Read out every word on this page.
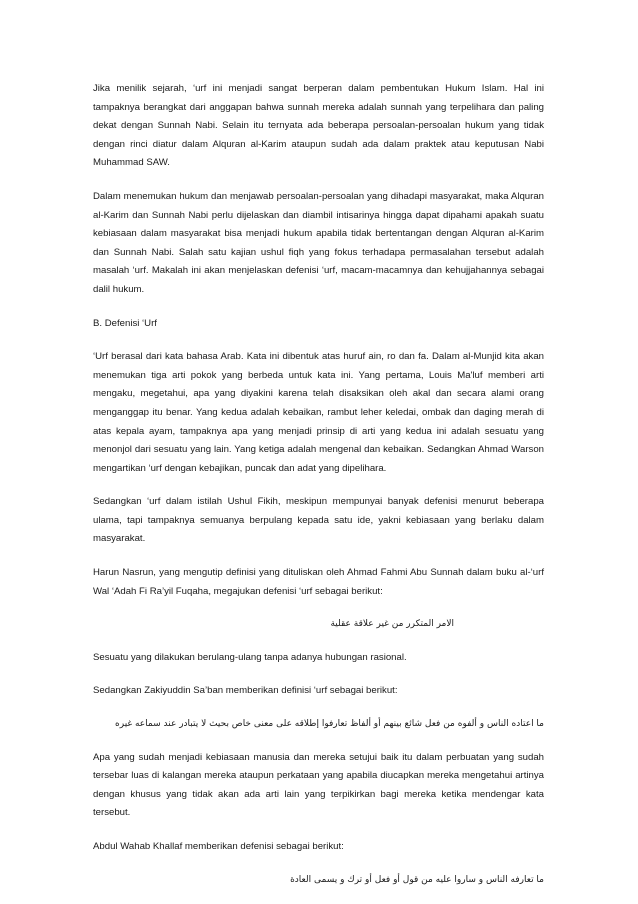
Jika menilik sejarah, ‘urf ini menjadi sangat berperan dalam pembentukan Hukum Islam. Hal ini tampaknya berangkat dari anggapan bahwa sunnah mereka adalah sunnah yang terpelihara dan paling dekat dengan Sunnah Nabi. Selain itu ternyata ada beberapa persoalan-persoalan hukum yang tidak dengan rinci diatur dalam Alquran al-Karim ataupun sudah ada dalam praktek atau keputusan Nabi Muhammad SAW.

Dalam menemukan hukum dan menjawab persoalan-persoalan yang dihadapi masyarakat, maka Alquran al-Karim dan Sunnah Nabi perlu dijelaskan dan diambil intisarinya hingga dapat dipahami apakah suatu kebiasaan dalam masyarakat bisa menjadi hukum apabila tidak bertentangan dengan Alquran al-Karim dan Sunnah Nabi. Salah satu kajian ushul fiqh yang fokus terhadapa permasalahan tersebut adalah masalah ‘urf. Makalah ini akan menjelaskan defenisi ‘urf, macam-macamnya dan kehujjahannya sebagai dalil hukum.

B. Defenisi ‘Urf

‘Urf berasal dari kata bahasa Arab. Kata ini dibentuk atas huruf ain, ro dan fa. Dalam al-Munjid kita akan menemukan tiga arti pokok yang berbeda untuk kata ini. Yang pertama, Louis Ma'luf memberi arti mengaku, megetahui, apa yang diyakini karena telah disaksikan oleh akal dan secara alami orang menganggap itu benar. Yang kedua adalah kebaikan, rambut leher keledai, ombak dan daging merah di atas kepala ayam, tampaknya apa yang menjadi prinsip di arti yang kedua ini adalah sesuatu yang menonjol dari sesuatu yang lain. Yang ketiga adalah mengenal dan kebaikan. Sedangkan Ahmad Warson mengartikan ‘urf dengan kebajikan, puncak dan adat yang dipelihara.

Sedangkan ‘urf dalam istilah Ushul Fikih, meskipun mempunyai banyak defenisi menurut beberapa ulama, tapi tampaknya semuanya berpulang kepada satu ide, yakni kebiasaan yang berlaku dalam masyarakat.

Harun Nasrun, yang mengutip definisi yang dituliskan oleh Ahmad Fahmi Abu Sunnah dalam buku al-‘urf Wal ‘Adah Fi Ra’yil Fuqaha, megajukan defenisi ‘urf sebagai berikut:

الامر المتكرر من غير علاقة عقلية

Sesuatu yang dilakukan berulang-ulang tanpa adanya hubungan rasional.

Sedangkan Zakiyuddin Sa’ban memberikan definisi ‘urf sebagai berikut:

ما اعتاده الناس و ألفوه من فعل شائع بينهم أو ألفاظ تعارفوا إطلاقه على معنى خاص بحيث لا يتبادر عند سماعه غيره

Apa yang sudah menjadi kebiasaan manusia dan mereka setujui baik itu dalam perbuatan yang sudah tersebar luas di kalangan mereka ataupun perkataan yang apabila diucapkan mereka mengetahui artinya dengan khusus yang tidak akan ada arti lain yang terpikirkan bagi mereka ketika mendengar kata tersebut.

Abdul Wahab Khallaf memberikan defenisi sebagai berikut:

ما تعارفه الناس و ساروا عليه من قول أو فعل أو ترك و يسمى العادة
